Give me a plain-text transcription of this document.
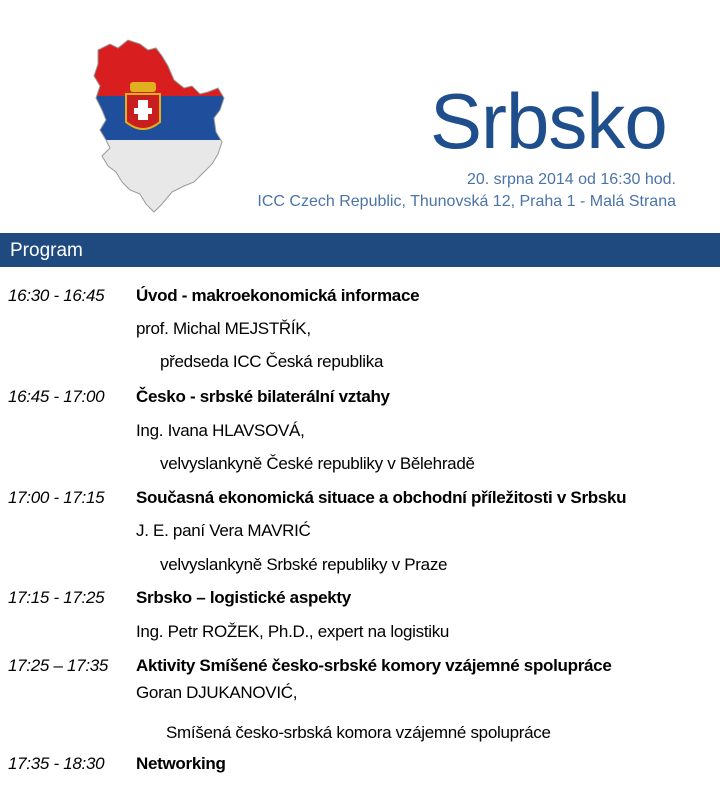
Srbsko
20. srpna 2014 od 16:30 hod.
ICC Czech Republic, Thunovská 12, Praha 1 - Malá Strana
Program
16:30 - 16:45 Úvod - makroekonomická informace
prof. Michal MEJSTŘÍK,
předseda ICC Česká republika
16:45 - 17:00 Česko - srbské bilaterální vztahy
Ing. Ivana HLAVSOVÁ,
velvyslankyně České republiky v Bělehradě
17:00 - 17:15 Současná ekonomická situace a obchodní příležitosti v Srbsku
J. E. paní Vera MAVRIĆ
velvyslankyně Srbské republiky v Praze
17:15 - 17:25 Srbsko – logistické aspekty
Ing. Petr ROŽEK, Ph.D., expert na logistiku
17:25 – 17:35 Aktivity Smíšené česko-srbské komory vzájemné spolupráce
Goran DJUKANOVIĆ,
Smíšená česko-srbská komora vzájemné spolupráce
17:35 - 18:30 Networking
